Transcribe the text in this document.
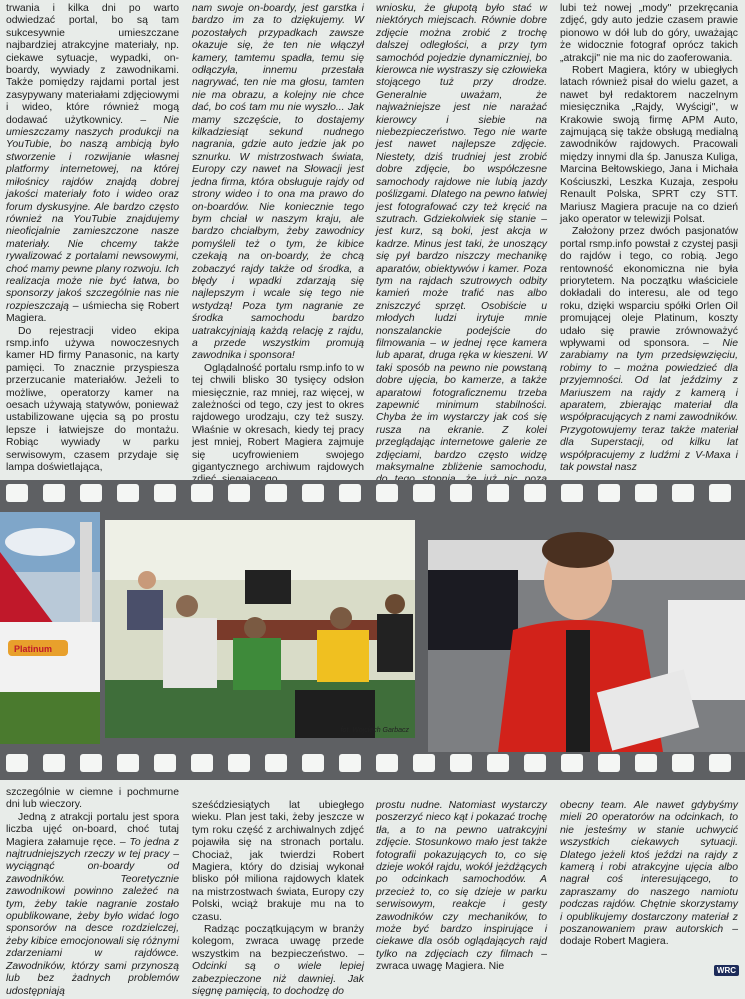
trwania i kilka dni po warto odwiedzać portal, bo są tam sukcesywnie umieszczane najbardziej atrakcyjne materiały, np. ciekawe sytuacje, wypadki, on-boardy, wywiady z zawodnikami. Także pomiędzy rajdami portal jest zasypywany materiałami zdjęciowymi i wideo, które również mogą dodawać użytkownicy. – Nie umieszczamy naszych produkcji na YouTubie, bo naszą ambicją było stworzenie i rozwijanie własnej platformy internetowej, na której miłośnicy rajdów znajdą dobrej jakości materiały foto i wideo oraz forum dyskusyjne. Ale bardzo często również na YouTubie znajdujemy nieoficjalnie zamieszczone nasze materiały. Nie chcemy także rywalizować z portalami newsowymi, choć mamy pewne plany rozwoju. Ich realizacja może nie być łatwa, bo sponsorzy jakoś szczególnie nas nie rozpieszczają – uśmiecha się Robert Magiera.

Do rejestracji video ekipa rsmp.info używa nowoczesnych kamer HD firmy Panasonic, na karty pamięci. To znacznie przyspiesza przerzucanie materiałów. Jeżeli to możliwe, operatorzy kamer na oesach używają statywów, ponieważ ustabilizowane ujęcia są po prostu lepsze i łatwiejsze do montażu. Robiąc wywiady w parku serwisowym, czasem przydaje się lampa doświetlająca,

nam swoje on-boardy, jest garstka i bardzo im za to dziękujemy. W pozostałych przypadkach zawsze okazuje się, że ten nie włączył kamery, tamtemu spadła, temu się odłączyła, innemu przestała nagrywać, ten nie ma głosu, tamten nie ma obrazu, a kolejny nie chce dać, bo coś tam mu nie wyszło... Jak mamy szczęście, to dostajemy kilkadziesiąt sekund nudnego nagrania, gdzie auto jedzie jak po sznurku. W mistrzostwach świata, Europy czy nawet na Słowacji jest jedna firma, która obsługuje rajdy od strony wideo i to ona ma prawo do on-boardów. Nie koniecznie tego bym chciał w naszym kraju, ale bardzo chciałbym, żeby zawodnicy pomyśleli też o tym, że kibice czekają na on-boardy, że chcą zobaczyć rajdy także od środka, a błędy i wpadki zdarzają się najlepszym i wcale się tego nie wstydzą! Poza tym nagranie ze środka samochodu bardzo uatrakcyjniają każdą relację z rajdu, a przede wszystkim promują zawodnika i sponsora!

Oglądalność portalu rsmp.info to w tej chwili blisko 30 tysięcy odsłon miesięcznie, raz mniej, raz więcej, w zależności od tego, czy jest to okres rajdowego urodzaju, czy też suszy. Właśnie w okresach, kiedy tej pracy jest mniej, Robert Magiera zajmuje się ucyfrowieniem swojego gigantycznego archiwum rajdowych

wniosku, że głupotą było stać w niektórych miejscach. Równie dobre zdjęcie można zrobić z trochę dalszej odległości, a przy tym samochód pojedzie dynamiczniej, bo kierowca nie wystraszy się człowieka stojącego tuż przy drodze. Generalnie uważam, że najważniejsze jest nie narażać kierowcy i siebie na niebezpieczeństwo. Tego nie warte jest nawet najlepsze zdjęcie. Niestety, dziś trudniej jest zrobić dobre zdjęcie, bo współczesne samochody rajdowe nie lubią jazdy poślizgami. Dlatego na pewno łatwiej jest fotografować czy też kręcić na szutrach. Gdziekolwiek się stanie – jest kurz, są boki, jest akcja w kadrze. Minus jest taki, że unoszący się pył bardzo niszczy mechanikę aparatów, obiektywów i kamer. Poza tym na rajdach szutrowych odbity kamień może trafić nas albo zniszczyć sprzęt. Osobiście u młodych ludzi irytuje mnie nonszalanckie podejście do filmowania – w jednej ręce kamera lub aparat, druga ręka w kieszeni. W taki sposób na pewno nie powstaną dobre ujęcia, bo kamerze, a także aparatowi fotograficznemu trzeba zapewnić minimum stabilności. Chyba że im wystarczy jak coś się rusza na ekranie. Z kolei przeglądając internetowe galerie ze zdjęciami, bardzo często widzę maksymalne zbliżenie samochodu,

lubi też nowej „mody" przekręcania zdjęć, gdy auto jedzie czasem prawie pionowo w dół lub do góry, uważając że widocznie fotograf oprócz takich „atrakcji" nie ma nic do zaoferowania.

Robert Magiera, który w ubiegłych latach również pisał do wielu gazet, a nawet był redaktorem naczelnym miesięcznika „Rajdy, Wyścigi", w Krakowie swoją firmę APM Auto, zajmującą się także obsługą medialną zawodników rajdowych. Pracowali między innymi dla śp. Janusza Kuliga, Marcina Bełtowskiego, Jana i Michała Kościuszki, Leszka Kuzaja, zespołu Renault Polska, SPRT czy STT. Mariusz Magiera pracuje na co dzień jako operator w telewizji Polsat.

Założony przez dwóch pasjonatów portal rsmp.info powstał z czystej pasji do rajdów i tego, co robią. Jego rentowność ekonomiczna nie była priorytetem. Na początku właściciele dokładali do interesu, ale od tego roku, dzięki wsparciu spółki Orlen Oil promującej oleje Platinum, koszty udało się prawie zrównoważyć wpływami od sponsora. – Nie zarabiamy na tym przedsięwzięciu, robimy to – można powiedzieć dla przyjemności. Od lat jeździmy z Mariuszem na rajdy z kamerą i aparatem, zbierając materiał dla współpracujących z nami zawodników. Przygotowujemy teraz także materiał dla Superstacji, od kilku lat współpracujemy z ludźmi z V-Maxa i tak powstał nasz

Platinum
fot. Wojciech Garbacz

szczególnie w ciemne i pochmurne dni lub wieczory.

Jedną z atrakcji portalu jest spora liczba ujęć on-board, choć tutaj Magiera załamuje ręce. – To jedna z najtrudniejszych rzeczy w tej pracy – wyciągnąć on-boardy od zawodników. Teoretycznie zawodnikowi powinno zależeć na tym, żeby takie nagranie zostało opublikowane, żeby było widać logo sponsorów na desce rozdzielczej, żeby kibice emocjonowali się różnymi zdarzeniami w rajdówce. Zawodników, którzy sami przynoszą lub bez żadnych problemów udostępniają

sześćdziesiątych lat ubiegłego wieku. Plan jest taki, żeby jeszcze w tym roku część z archiwalnych zdjęć pojawiła się na stronach portalu. Chociaż, jak twierdzi Robert Magiera, który do dzisiaj wykonał blisko pół miliona rajdowych klatek na mistrzostwach świata, Europy czy Polski, wciąż brakuje mu na to czasu.

Radząc początkującym w branży kolegom, zwraca uwagę przede wszystkim na bezpieczeństwo. – Odcinki są o wiele lepiej zabezpieczone niż dawniej. Jak sięgnę pamięcią, to dochodzę do

prostu nudne. Natomiast wystarczy poszerzyć nieco kąt i pokazać trochę tła, a to na pewno uatrakcyjni zdjęcie. Stosunkowo mało jest także fotografii pokazujących to, co się dzieje wokół rajdu, wokół jeżdżących po odcinkach samochodów. A przecież to, co się dzieje w parku serwisowym, reakcje i gesty zawodników czy mechaników, to może być bardzo inspirujące i ciekawe dla osób oglądających rajd tylko na zdjęciach czy filmach – zwraca uwagę Magiera. Nie

obecny team. Ale nawet gdybyśmy mieli 20 operatorów na odcinkach, to nie jesteśmy w stanie uchwycić wszystkich ciekawych sytuacji. Dlatego jeżeli ktoś jeździ na rajdy z kamerą i robi atrakcyjne ujęcia albo nagrał coś interesującego, to zapraszamy do naszego namiotu podczas rajdów. Chętnie skorzystamy i opublikujemy dostarczony materiał z poszanowaniem praw autorskich – dodaje Robert Magiera.

WRC
